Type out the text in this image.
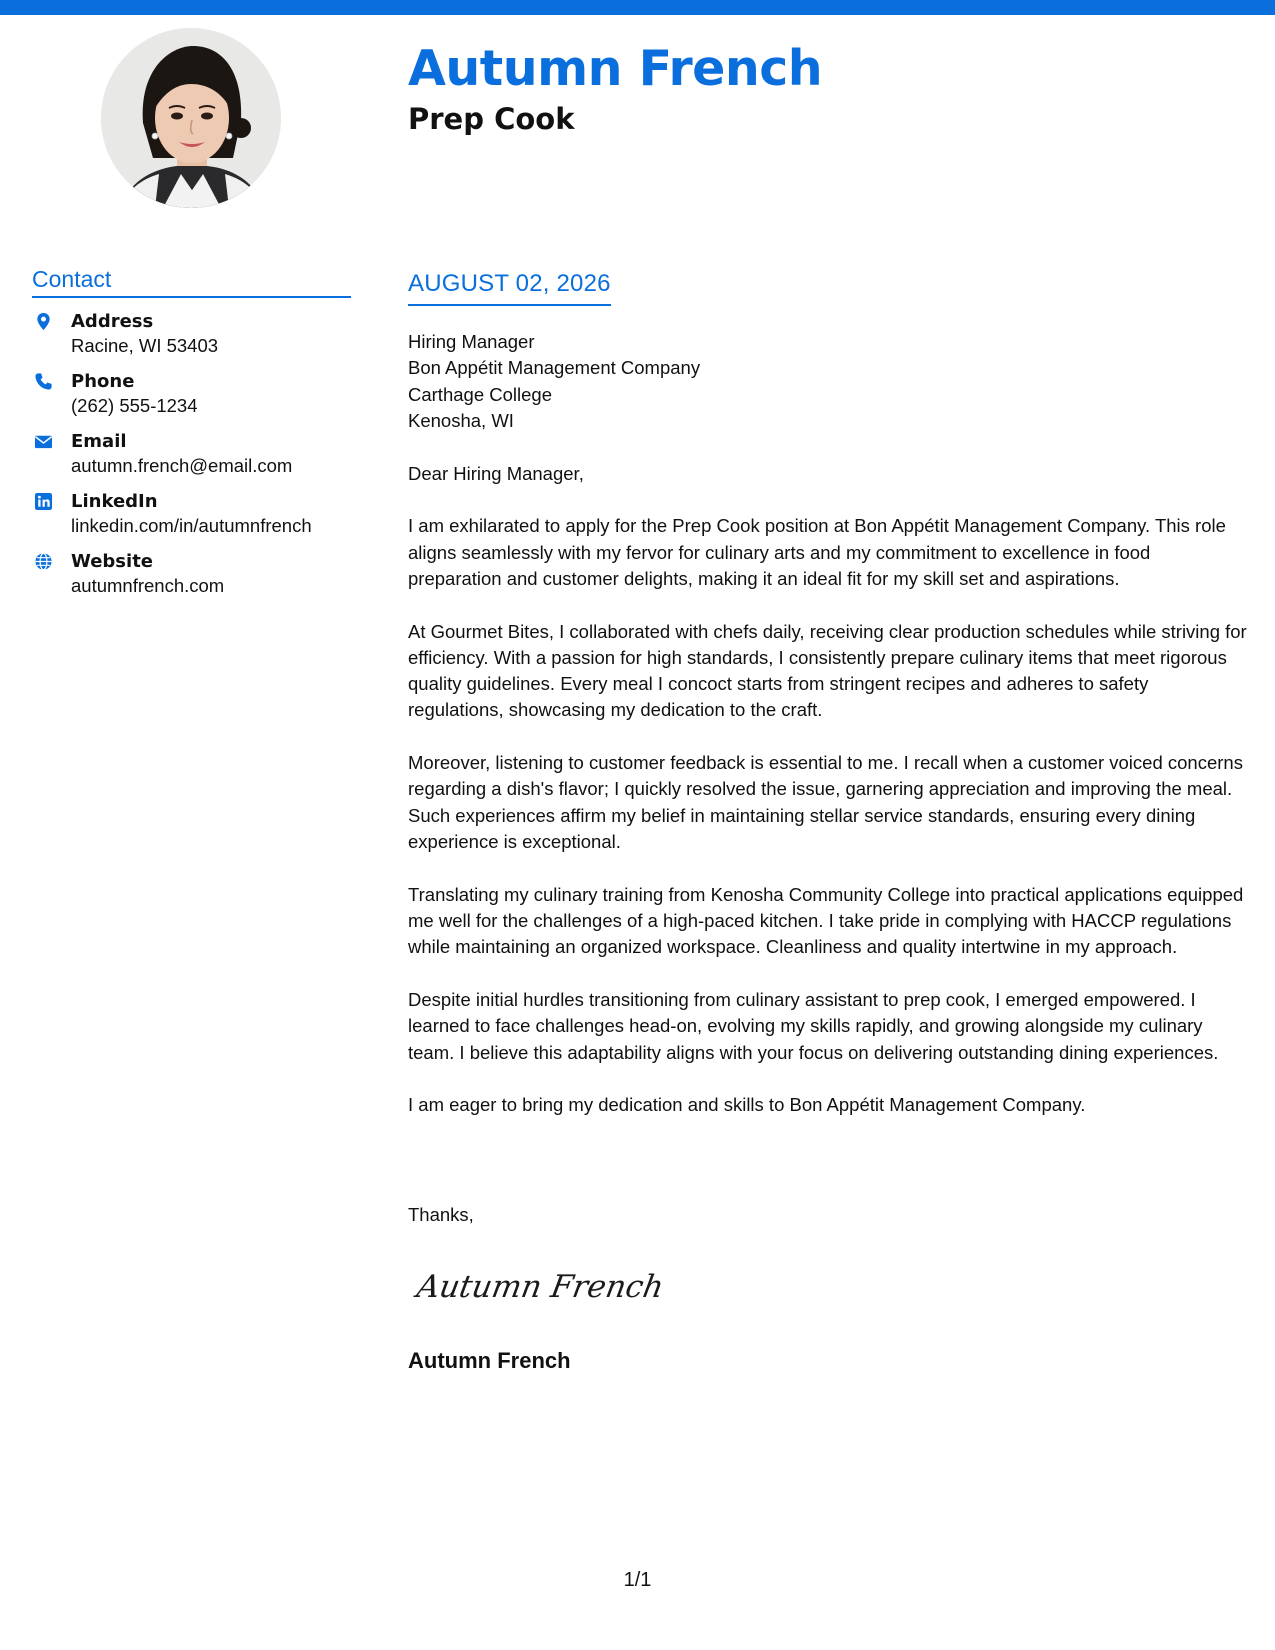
Autumn French
Prep Cook
Contact
Address
Racine, WI 53403
Phone
(262) 555-1234
Email
autumn.french@email.com
LinkedIn
linkedin.com/in/autumnfrench
Website
autumnfrench.com
AUGUST 02, 2026
Hiring Manager
Bon Appétit Management Company
Carthage College
Kenosha, WI

Dear Hiring Manager,

I am exhilarated to apply for the Prep Cook position at Bon Appétit Management Company. This role aligns seamlessly with my fervor for culinary arts and my commitment to excellence in food preparation and customer delights, making it an ideal fit for my skill set and aspirations.

At Gourmet Bites, I collaborated with chefs daily, receiving clear production schedules while striving for efficiency. With a passion for high standards, I consistently prepare culinary items that meet rigorous quality guidelines. Every meal I concoct starts from stringent recipes and adheres to safety regulations, showcasing my dedication to the craft.

Moreover, listening to customer feedback is essential to me. I recall when a customer voiced concerns regarding a dish's flavor; I quickly resolved the issue, garnering appreciation and improving the meal. Such experiences affirm my belief in maintaining stellar service standards, ensuring every dining experience is exceptional.

Translating my culinary training from Kenosha Community College into practical applications equipped me well for the challenges of a high-paced kitchen. I take pride in complying with HACCP regulations while maintaining an organized workspace. Cleanliness and quality intertwine in my approach.

Despite initial hurdles transitioning from culinary assistant to prep cook, I emerged empowered. I learned to face challenges head-on, evolving my skills rapidly, and growing alongside my culinary team. I believe this adaptability aligns with your focus on delivering outstanding dining experiences.

I am eager to bring my dedication and skills to Bon Appétit Management Company.

Thanks,

Autumn French

Autumn French

1/1
